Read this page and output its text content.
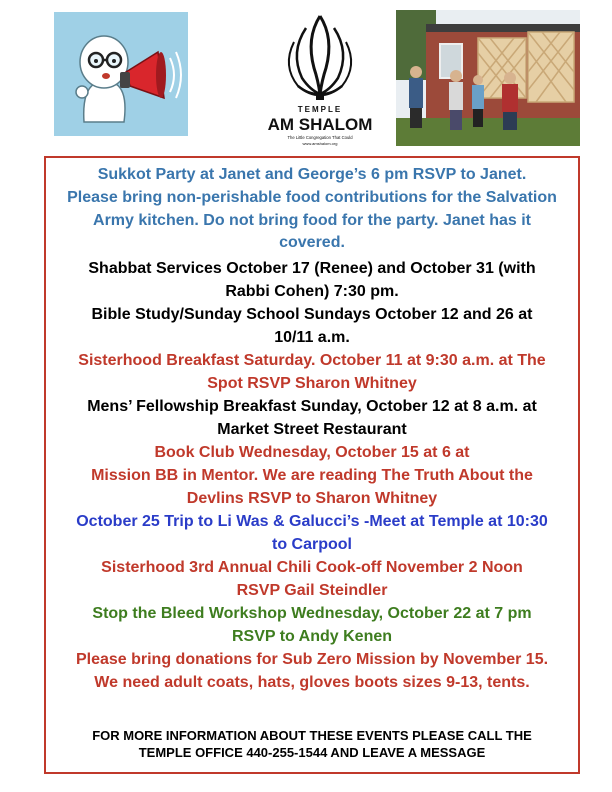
TEMPLE
AM SHALOM
The Little Congregation That Could
www.amshalom.org

Sukkot Party at Janet and George’s 6 pm RSVP to Janet.
Please bring non-perishable food contributions for the Salvation
Army kitchen. Do not bring food for the party. Janet has it
covered.

Shabbat Services October 17 (Renee) and October 31 (with
Rabbi Cohen) 7:30 pm.

Bible Study/Sunday School Sundays October 12 and 26 at
10/11 a.m.

Sisterhood Breakfast Saturday. October 11 at 9:30 a.m. at The
Spot RSVP Sharon Whitney

Mens’ Fellowship Breakfast Sunday, October 12 at 8 a.m. at
Market Street Restaurant

Book Club Wednesday, October 15 at 6 at
Mission BB in Mentor. We are reading The Truth About the
Devlins RSVP to Sharon Whitney

October 25 Trip to Li Was & Galucci’s -Meet at Temple at 10:30
to Carpool

Sisterhood 3rd Annual Chili Cook-off November 2 Noon
RSVP Gail Steindler

Stop the Bleed Workshop Wednesday, October 22 at 7 pm
RSVP to Andy Kenen

Please bring donations for Sub Zero Mission by November 15.
We need adult coats, hats, gloves boots sizes 9-13, tents.

FOR MORE INFORMATION ABOUT THESE EVENTS PLEASE CALL THE
TEMPLE OFFICE 440-255-1544 AND LEAVE A MESSAGE
